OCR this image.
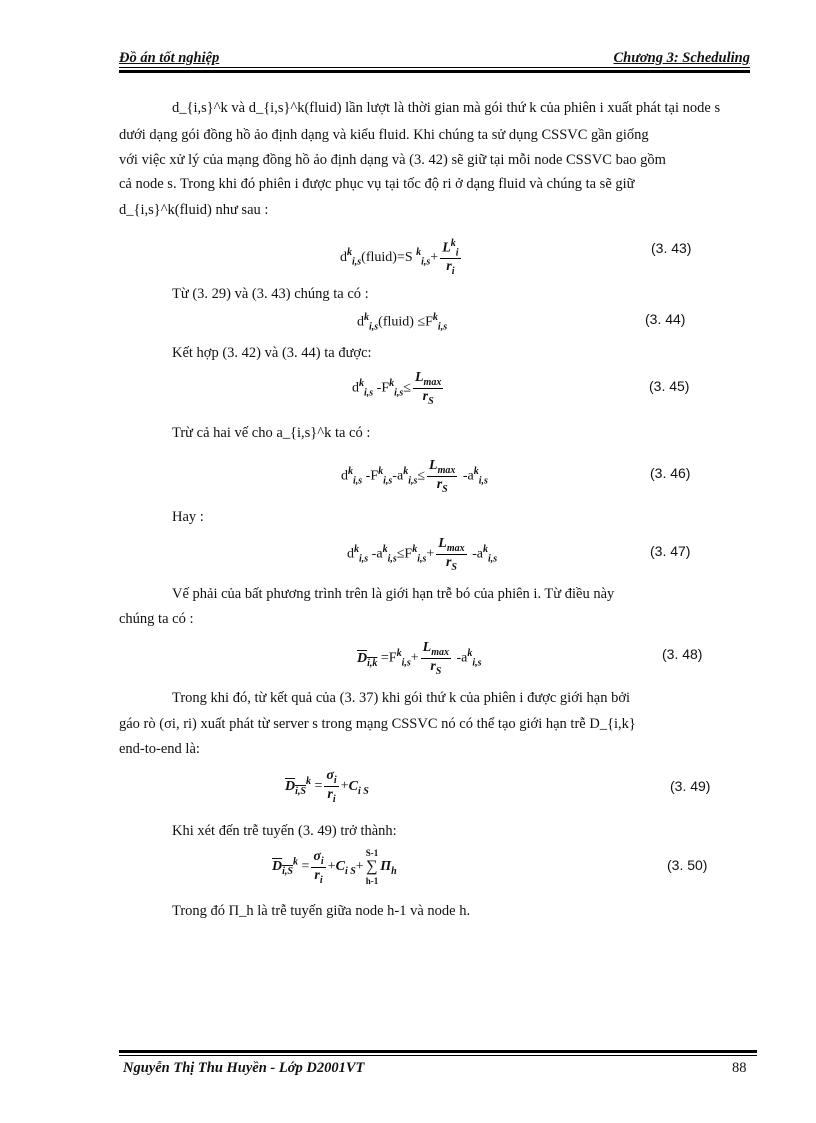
Đồ án tốt nghiệp	Chương 3: Scheduling
d_{i,s}^k và d_{i,s}^k(fluid) lần lượt là thời gian mà gói thứ k của phiên i xuất phát tại node s
dưới dạng gói đồng hồ ảo định dạng và kiểu fluid. Khi chúng ta sử dụng CSSVC gần giống
với việc xử lý của mạng đồng hồ ảo định dạng và (3. 42) sẽ giữ tại mỗi node CSSVC bao gồm
cả node s. Trong khi đó phiên i được phục vụ tại tốc độ ri ở dạng fluid và chúng ta sẽ giữ
d_{i,s}^k(fluid) như sau :
$d^k_{i,s}(fluid)=S$ $^k_{i,s}+ \frac{L^k_i}{r_i}$	(3. 43)
Từ (3. 29) và (3. 43) chúng ta có :
$d^k_{i,s}(fluid) \le F^k_{i,s}$	(3. 44)
Kết hợp (3. 42) và (3. 44) ta được:
$d^k_{i,s}$ $-F^k_{i,s}\le \frac{L_{max}}{r_S}$	(3. 45)
Trừ cả hai vế cho a_{i,s}^k ta có :
$d^k_{i,s}$ $-F^k_{i,s}-a^k_{i,s}\le \frac{L_{max}}{r_S} -a^k_{i,s}$	(3. 46)
Hay :
$d^k_{i,s}$ $-a^k_{i,s}\le F^k_{i,s}+ \frac{L_{max}}{r_S} -a^k_{i,s}$	(3. 47)
Vế phải của bất phương trình trên là giới hạn trễ bó của phiên i. Từ điều này
chúng ta có :
$D_{i,k} =F^k_{i,s}+ \frac{L_{max}}{r_S} -a^k_{i,s}$
(3. 48)
Trong khi đó, từ kết quả của (3. 37) khi gói thứ k của phiên i được giới hạn bởi
gáo rò (σi, ri) xuất phát từ server s trong mạng CSSVC nó có thể tạo giới hạn trễ D_{i,k}
end-to-end là:
$D_{i,S}^k = \frac{\sigma_i}{r_i} +C_{i S}$	(3. 49)
Khi xét đến trễ tuyến (3. 49) trở thành:
$D_{i,S}^k = \frac{\sigma_i}{r_i} +C_{i S}+$
S-1
∑
h-1
$\Pi_h$	(3. 50)
Trong đó Π_h là trễ tuyến giữa node h-1 và node h.
Nguyễn Thị Thu Huyền - Lớp D2001VT	88
